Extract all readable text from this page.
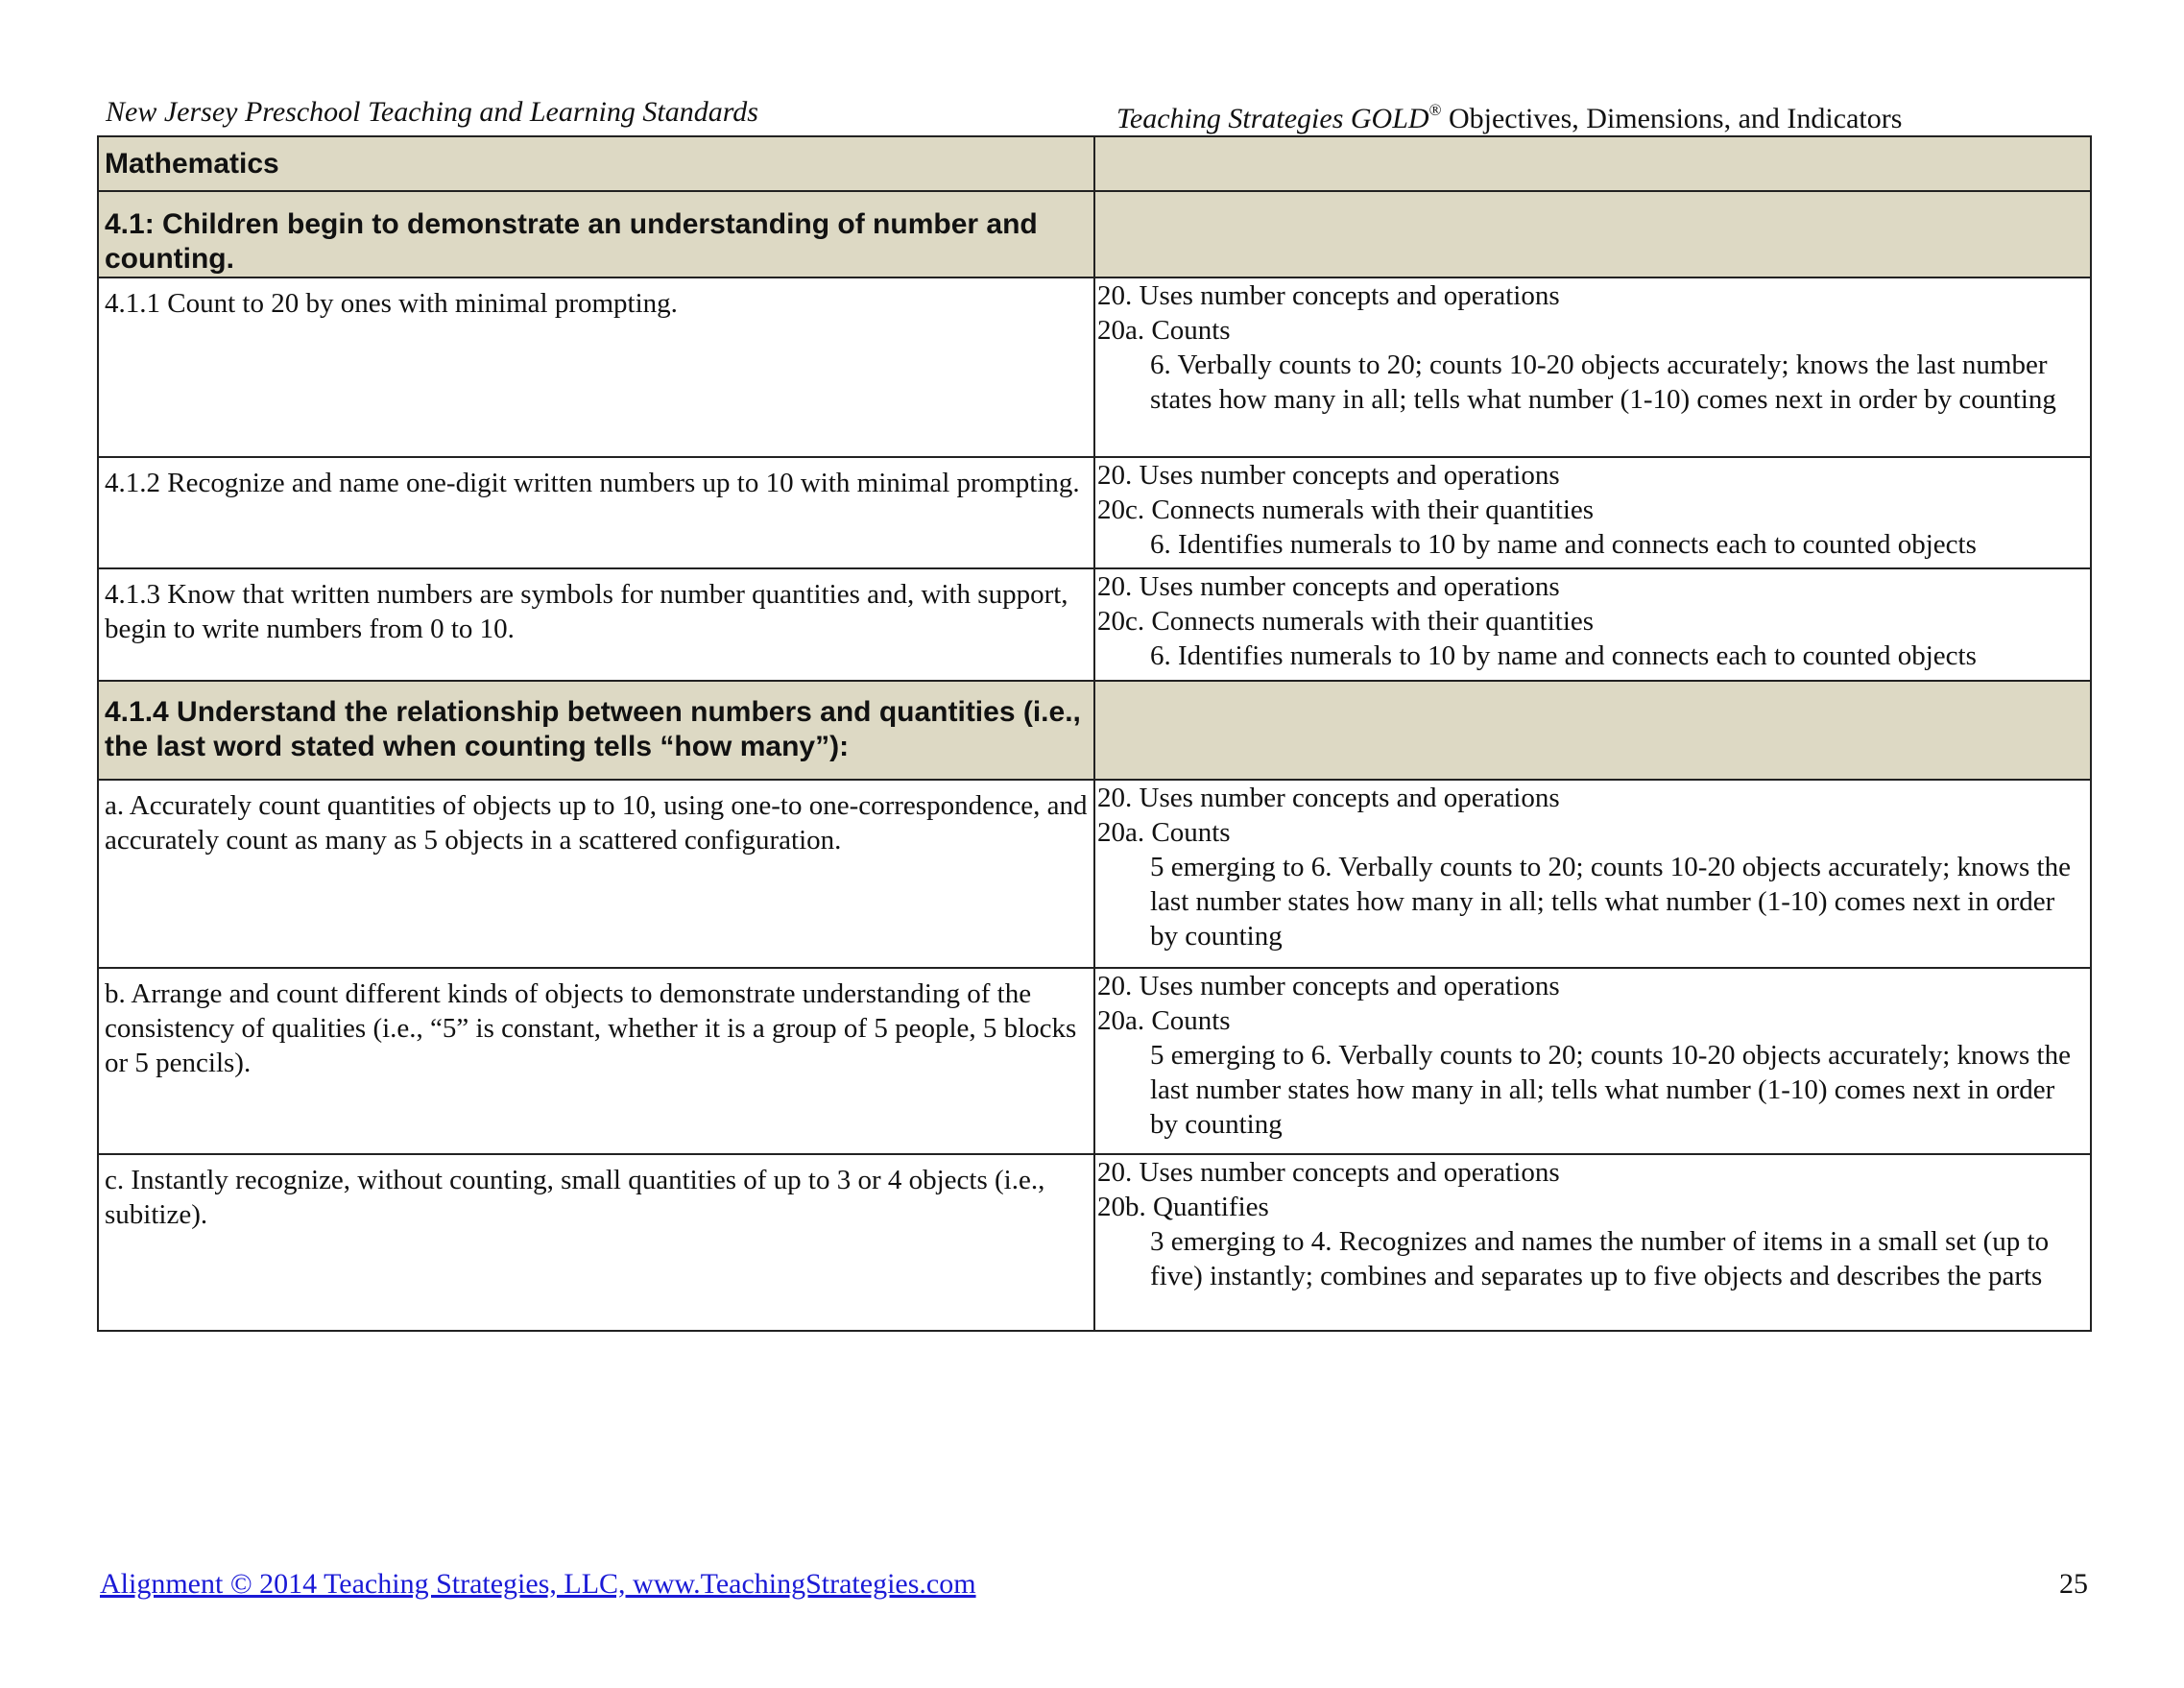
New Jersey Preschool Teaching and Learning Standards	Teaching Strategies GOLD® Objectives, Dimensions, and Indicators
Mathematics	
4.1: Children begin to demonstrate an understanding of number and counting.	
4.1.1 Count to 20 by ones with minimal prompting.	20. Uses number concepts and operations
20a. Counts
6. Verbally counts to 20; counts 10-20 objects accurately; knows the last number states how many in all; tells what number (1-10) comes next in order by counting

4.1.2 Recognize and name one-digit written numbers up to 10 with minimal prompting.	20. Uses number concepts and operations
20c. Connects numerals with their quantities
6. Identifies numerals to 10 by name and connects each to counted objects

4.1.3 Know that written numbers are symbols for number quantities and, with support, begin to write numbers from 0 to 10.	20. Uses number concepts and operations
20c. Connects numerals with their quantities
6. Identifies numerals to 10 by name and connects each to counted objects

4.1.4 Understand the relationship between numbers and quantities (i.e., the last word stated when counting tells “how many”):	
a. Accurately count quantities of objects up to 10, using one-to one-correspondence, and accurately count as many as 5 objects in a scattered configuration.	20. Uses number concepts and operations
20a. Counts
5 emerging to 6. Verbally counts to 20; counts 10-20 objects accurately; knows the last number states how many in all; tells what number (1-10) comes next in order by counting

b. Arrange and count different kinds of objects to demonstrate understanding of the consistency of qualities (i.e., “5” is constant, whether it is a group of 5 people, 5 blocks or 5 pencils).	20. Uses number concepts and operations
20a. Counts
5 emerging to 6. Verbally counts to 20; counts 10-20 objects accurately; knows the last number states how many in all; tells what number (1-10) comes next in order by counting

c. Instantly recognize, without counting, small quantities of up to 3 or 4 objects (i.e., subitize).	20. Uses number concepts and operations
20b. Quantifies
3 emerging to 4. Recognizes and names the number of items in a small set (up to five) instantly; combines and separates up to five objects and describes the parts
Alignment © 2014 Teaching Strategies, LLC, www.TeachingStrategies.com	25
